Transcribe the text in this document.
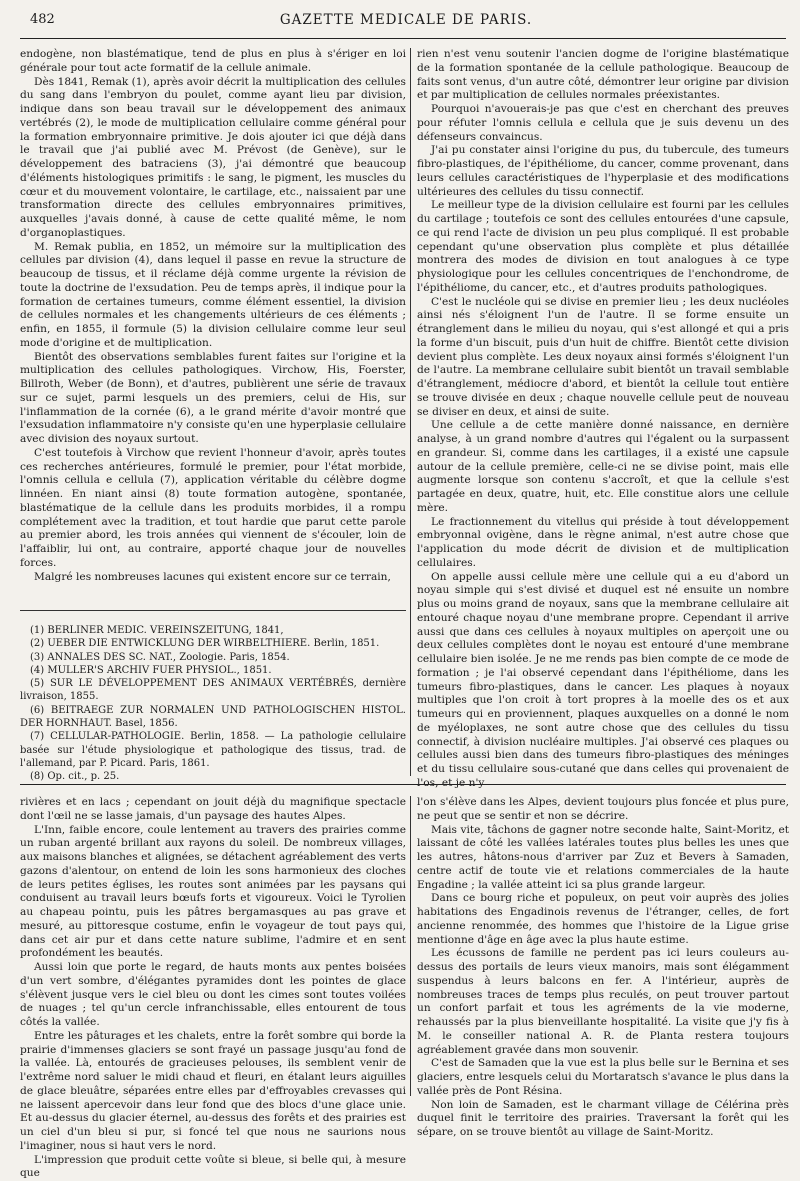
482	GAZETTE MEDICALE DE PARIS.

endogène, non blastématique, tend de plus en plus à s'ériger en loi générale pour tout acte formatif de la cellule animale.

Dès 1841, Remak (1), après avoir décrit la multiplication des cellules du sang dans l'embryon du poulet, comme ayant lieu par division, indique dans son beau travail sur le développement des animaux vertébrés (2), le mode de multiplication cellulaire comme général pour la formation embryonnaire primitive. Je dois ajouter ici que déjà dans le travail que j'ai publié avec M. Prévost (de Genève), sur le développement des batraciens (3), j'ai démontré que beaucoup d'éléments histologiques primitifs : le sang, le pigment, les muscles du cœur et du mouvement volontaire, le cartilage, etc., naissaient par une transformation directe des cellules embryonnaires primitives, auxquelles j'avais donné, à cause de cette qualité même, le nom d'organoplastiques.

M. Remak publia, en 1852, un mémoire sur la multiplication des cellules par division (4), dans lequel il passe en revue la structure de beaucoup de tissus, et il réclame déjà comme urgente la révision de toute la doctrine de l'exsudation. Peu de temps après, il indique pour la formation de certaines tumeurs, comme élément essentiel, la division de cellules normales et les changements ultérieurs de ces éléments ; enfin, en 1855, il formule (5) la division cellulaire comme leur seul mode d'origine et de multiplication.

Bientôt des observations semblables furent faites sur l'origine et la multiplication des cellules pathologiques. Virchow, His, Foerster, Billroth, Weber (de Bonn), et d'autres, publièrent une série de travaux sur ce sujet, parmi lesquels un des premiers, celui de His, sur l'inflammation de la cornée (6), a le grand mérite d'avoir montré que l'exsudation inflammatoire n'y consiste qu'en une hyperplasie cellulaire avec division des noyaux surtout.

C'est toutefois à Virchow que revient l'honneur d'avoir, après toutes ces recherches antérieures, formulé le premier, pour l'état morbide, l'omnis cellula e cellula (7), application véritable du célèbre dogme linnéen. En niant ainsi (8) toute formation autogène, spontanée, blastématique de la cellule dans les produits morbides, il a rompu complétement avec la tradition, et tout hardie que parut cette parole au premier abord, les trois années qui viennent de s'écouler, loin de l'affaiblir, lui ont, au contraire, apporté chaque jour de nouvelles forces.

Malgré les nombreuses lacunes qui existent encore sur ce terrain,

(1) BERLINER MEDIC. VEREINSZEITUNG, 1841,

(2) UEBER DIE ENTWICKLUNG DER WIRBELTHIERE. Berlin, 1851.

(3) ANNALES DES SC. NAT., Zoologie. Paris, 1854.

(4) MULLER'S ARCHIV FUER PHYSIOL., 1851.

(5) SUR LE DÉVELOPPEMENT DES ANIMAUX VERTÉBRÉS, dernière livraison, 1855.

(6) BEITRAEGE ZUR NORMALEN UND PATHOLOGISCHEN HISTOL. DER HORNHAUT. Basel, 1856.

(7) CELLULAR-PATHOLOGIE. Berlin, 1858. — La pathologie cellulaire basée sur l'étude physiologique et pathologique des tissus, trad. de l'allemand, par P. Picard. Paris, 1861.

(8) Op. cit., p. 25.

rien n'est venu soutenir l'ancien dogme de l'origine blastématique de la formation spontanée de la cellule pathologique. Beaucoup de faits sont venus, d'un autre côté, démontrer leur origine par division et par multiplication de cellules normales préexistantes.

Pourquoi n'avouerais-je pas que c'est en cherchant des preuves pour réfuter l'omnis cellula e cellula que je suis devenu un des défenseurs convaincus.

J'ai pu constater ainsi l'origine du pus, du tubercule, des tumeurs fibro-plastiques, de l'épithéliome, du cancer, comme provenant, dans leurs cellules caractéristiques de l'hyperplasie et des modifications ultérieures des cellules du tissu connectif.

Le meilleur type de la division cellulaire est fourni par les cellules du cartilage ; toutefois ce sont des cellules entourées d'une capsule, ce qui rend l'acte de division un peu plus compliqué. Il est probable cependant qu'une observation plus complète et plus détaillée montrera des modes de division en tout analogues à ce type physiologique pour les cellules concentriques de l'enchondrome, de l'épithéliome, du cancer, etc., et d'autres produits pathologiques.

C'est le nucléole qui se divise en premier lieu ; les deux nucléoles ainsi nés s'éloignent l'un de l'autre. Il se forme ensuite un étranglement dans le milieu du noyau, qui s'est allongé et qui a pris la forme d'un biscuit, puis d'un huit de chiffre. Bientôt cette division devient plus complète. Les deux noyaux ainsi formés s'éloignent l'un de l'autre. La membrane cellulaire subit bientôt un travail semblable d'étranglement, médiocre d'abord, et bientôt la cellule tout entière se trouve divisée en deux ; chaque nouvelle cellule peut de nouveau se diviser en deux, et ainsi de suite.

Une cellule a de cette manière donné naissance, en dernière analyse, à un grand nombre d'autres qui l'égalent ou la surpassent en grandeur. Si, comme dans les cartilages, il a existé une capsule autour de la cellule première, celle-ci ne se divise point, mais elle augmente lorsque son contenu s'accroît, et que la cellule s'est partagée en deux, quatre, huit, etc. Elle constitue alors une cellule mère.

Le fractionnement du vitellus qui préside à tout développement embryonnal ovigène, dans le règne animal, n'est autre chose que l'application du mode décrit de division et de multiplication cellulaires.

On appelle aussi cellule mère une cellule qui a eu d'abord un noyau simple qui s'est divisé et duquel est né ensuite un nombre plus ou moins grand de noyaux, sans que la membrane cellulaire ait entouré chaque noyau d'une membrane propre. Cependant il arrive aussi que dans ces cellules à noyaux multiples on aperçoit une ou deux cellules complètes dont le noyau est entouré d'une membrane cellulaire bien isolée. Je ne me rends pas bien compte de ce mode de formation ; je l'ai observé cependant dans l'épithéliome, dans les tumeurs fibro-plastiques, dans le cancer. Les plaques à noyaux multiples que l'on croit à tort propres à la moelle des os et aux tumeurs qui en proviennent, plaques auxquelles on a donné le nom de myéloplaxes, ne sont autre chose que des cellules du tissu connectif, à division nucléaire multiples. J'ai observé ces plaques ou cellules aussi bien dans des tumeurs fibro-plastiques des méninges et du tissu cellulaire sous-cutané que dans celles qui provenaient de l'os, et je n'y

rivières et en lacs ; cependant on jouit déjà du magnifique spectacle dont l'œil ne se lasse jamais, d'un paysage des hautes Alpes.

L'Inn, faible encore, coule lentement au travers des prairies comme un ruban argenté brillant aux rayons du soleil. De nombreux villages, aux maisons blanches et alignées, se détachent agréablement des verts gazons d'alentour, on entend de loin les sons harmonieux des cloches de leurs petites églises, les routes sont animées par les paysans qui conduisent au travail leurs bœufs forts et vigoureux. Voici le Tyrolien au chapeau pointu, puis les pâtres bergamasques au pas grave et mesuré, au pittoresque costume, enfin le voyageur de tout pays qui, dans cet air pur et dans cette nature sublime, l'admire et en sent profondément les beautés.

Aussi loin que porte le regard, de hauts monts aux pentes boisées d'un vert sombre, d'élégantes pyramides dont les pointes de glace s'élèvent jusque vers le ciel bleu ou dont les cimes sont toutes voilées de nuages ; tel qu'un cercle infranchissable, elles entourent de tous côtés la vallée.

Entre les pâturages et les chalets, entre la forêt sombre qui borde la prairie d'immenses glaciers se sont frayé un passage jusqu'au fond de la vallée. Là, entourés de gracieuses pelouses, ils semblent venir de l'extrême nord saluer le midi chaud et fleuri, en étalant leurs aiguilles de glace bleuâtre, séparées entre elles par d'effroyables crevasses qui ne laissent apercevoir dans leur fond que des blocs d'une glace unie. Et au-dessus du glacier éternel, au-dessus des forêts et des prairies est un ciel d'un bleu si pur, si foncé tel que nous ne saurions nous l'imaginer, nous si haut vers le nord.

L'impression que produit cette voûte si bleue, si belle qui, à mesure que

l'on s'élève dans les Alpes, devient toujours plus foncée et plus pure, ne peut que se sentir et non se décrire.

Mais vite, tâchons de gagner notre seconde halte, Saint-Moritz, et laissant de côté les vallées latérales toutes plus belles les unes que les autres, hâtons-nous d'arriver par Zuz et Bevers à Samaden, centre actif de toute vie et relations commerciales de la haute Engadine ; la vallée atteint ici sa plus grande largeur.

Dans ce bourg riche et populeux, on peut voir auprès des jolies habitations des Engadinois revenus de l'étranger, celles, de fort ancienne renommée, des hommes que l'histoire de la Ligue grise mentionne d'âge en âge avec la plus haute estime.

Les écussons de famille ne perdent pas ici leurs couleurs au-dessus des portails de leurs vieux manoirs, mais sont élégamment suspendus à leurs balcons en fer. A l'intérieur, auprès de nombreuses traces de temps plus reculés, on peut trouver partout un confort parfait et tous les agréments de la vie moderne, rehaussés par la plus bienveillante hospitalité. La visite que j'y fis à M. le conseiller national A. R. de Planta restera toujours agréablement gravée dans mon souvenir.

C'est de Samaden que la vue est la plus belle sur le Bernina et ses glaciers, entre lesquels celui du Mortaratsch s'avance le plus dans la vallée près de Pont Résina.

Non loin de Samaden, est le charmant village de Célérina près duquel finit le territoire des prairies. Traversant la forêt qui les sépare, on se trouve bientôt au village de Saint-Moritz.
